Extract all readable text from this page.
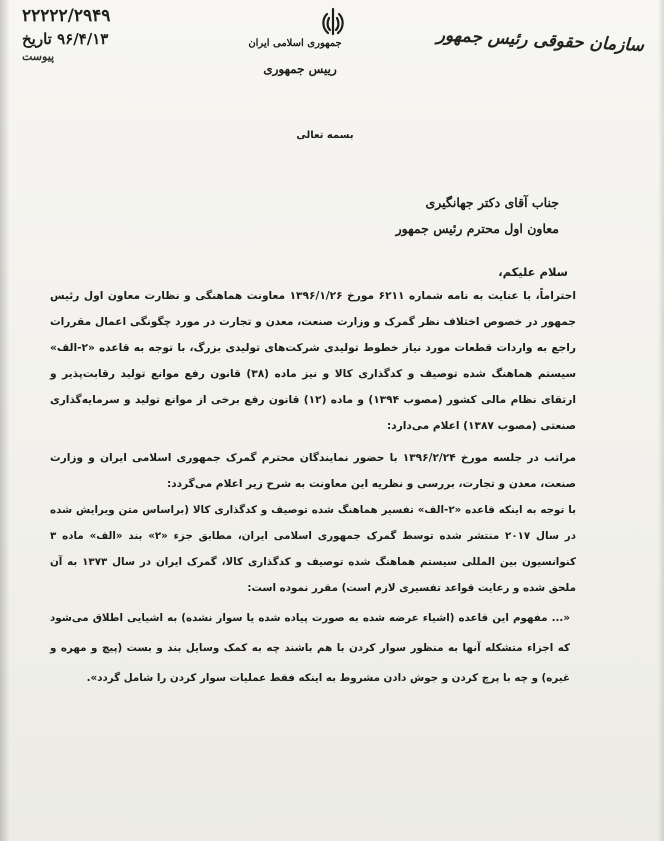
۲۲۲۲۲/۲۹۴۹
۹۶/۴/۱۳ تاریخ
پیوست
جمهوری اسلامی ایران
رییس جمهوری
سازمان حقوقی رئیس جمهور
بسمه تعالی
جناب آقای دکتر جهانگیری
معاون اول محترم رئیس جمهور
سلام علیکم،

احتراماً، با عنایت به نامه شماره ۶۲۱۱ مورخ ۱۳۹۶/۱/۲۶ معاونت هماهنگی و نظارت معاون اول رئیس جمهور در خصوص اختلاف نظر گمرک و وزارت صنعت، معدن و تجارت در مورد چگونگی اعمال مقررات راجع به واردات قطعات مورد نیاز خطوط تولیدی شرکت‌های تولیدی بزرگ، با توجه به قاعده «۲-الف» سیستم هماهنگ شده توصیف و کدگذاری کالا و نیز ماده (۳۸) قانون رفع موانع تولید رقابت‌پذیر و ارتقای نظام مالی کشور (مصوب ۱۳۹۴) و ماده (۱۲) قانون رفع برخی از موانع تولید و سرمایه‌گذاری صنعتی (مصوب ۱۳۸۷) اعلام می‌دارد:

مراتب در جلسه مورخ ۱۳۹۶/۲/۲۴ با حضور نمایندگان محترم گمرک جمهوری اسلامی ایران و وزارت صنعت، معدن و تجارت، بررسی و نظریه این معاونت به شرح زیر اعلام می‌گردد:

با توجه به اینکه قاعده «۲-الف» تفسیر هماهنگ شده توصیف و کدگذاری کالا (براساس متن ویرایش شده در سال ۲۰۱۷ منتشر شده توسط گمرک جمهوری اسلامی ایران، مطابق جزء «۲» بند «الف» ماده ۳ کنوانسیون بین المللی سیستم هماهنگ شده توصیف و کدگذاری کالا، گمرک ایران در سال ۱۳۷۳ به آن ملحق شده و رعایت قواعد تفسیری لازم است) مقرر نموده است:

«... مفهوم این قاعده (اشیاء عرضه شده به صورت پیاده شده یا سوار نشده) به اشیایی اطلاق می‌شود که اجزاء متشکله آنها به منظور سوار کردن با هم باشند چه به کمک وسایل بند و بست (پیچ و مهره و غیره) و چه با پرچ کردن و جوش دادن مشروط به اینکه فقط عملیات سوار کردن را شامل گردد».
